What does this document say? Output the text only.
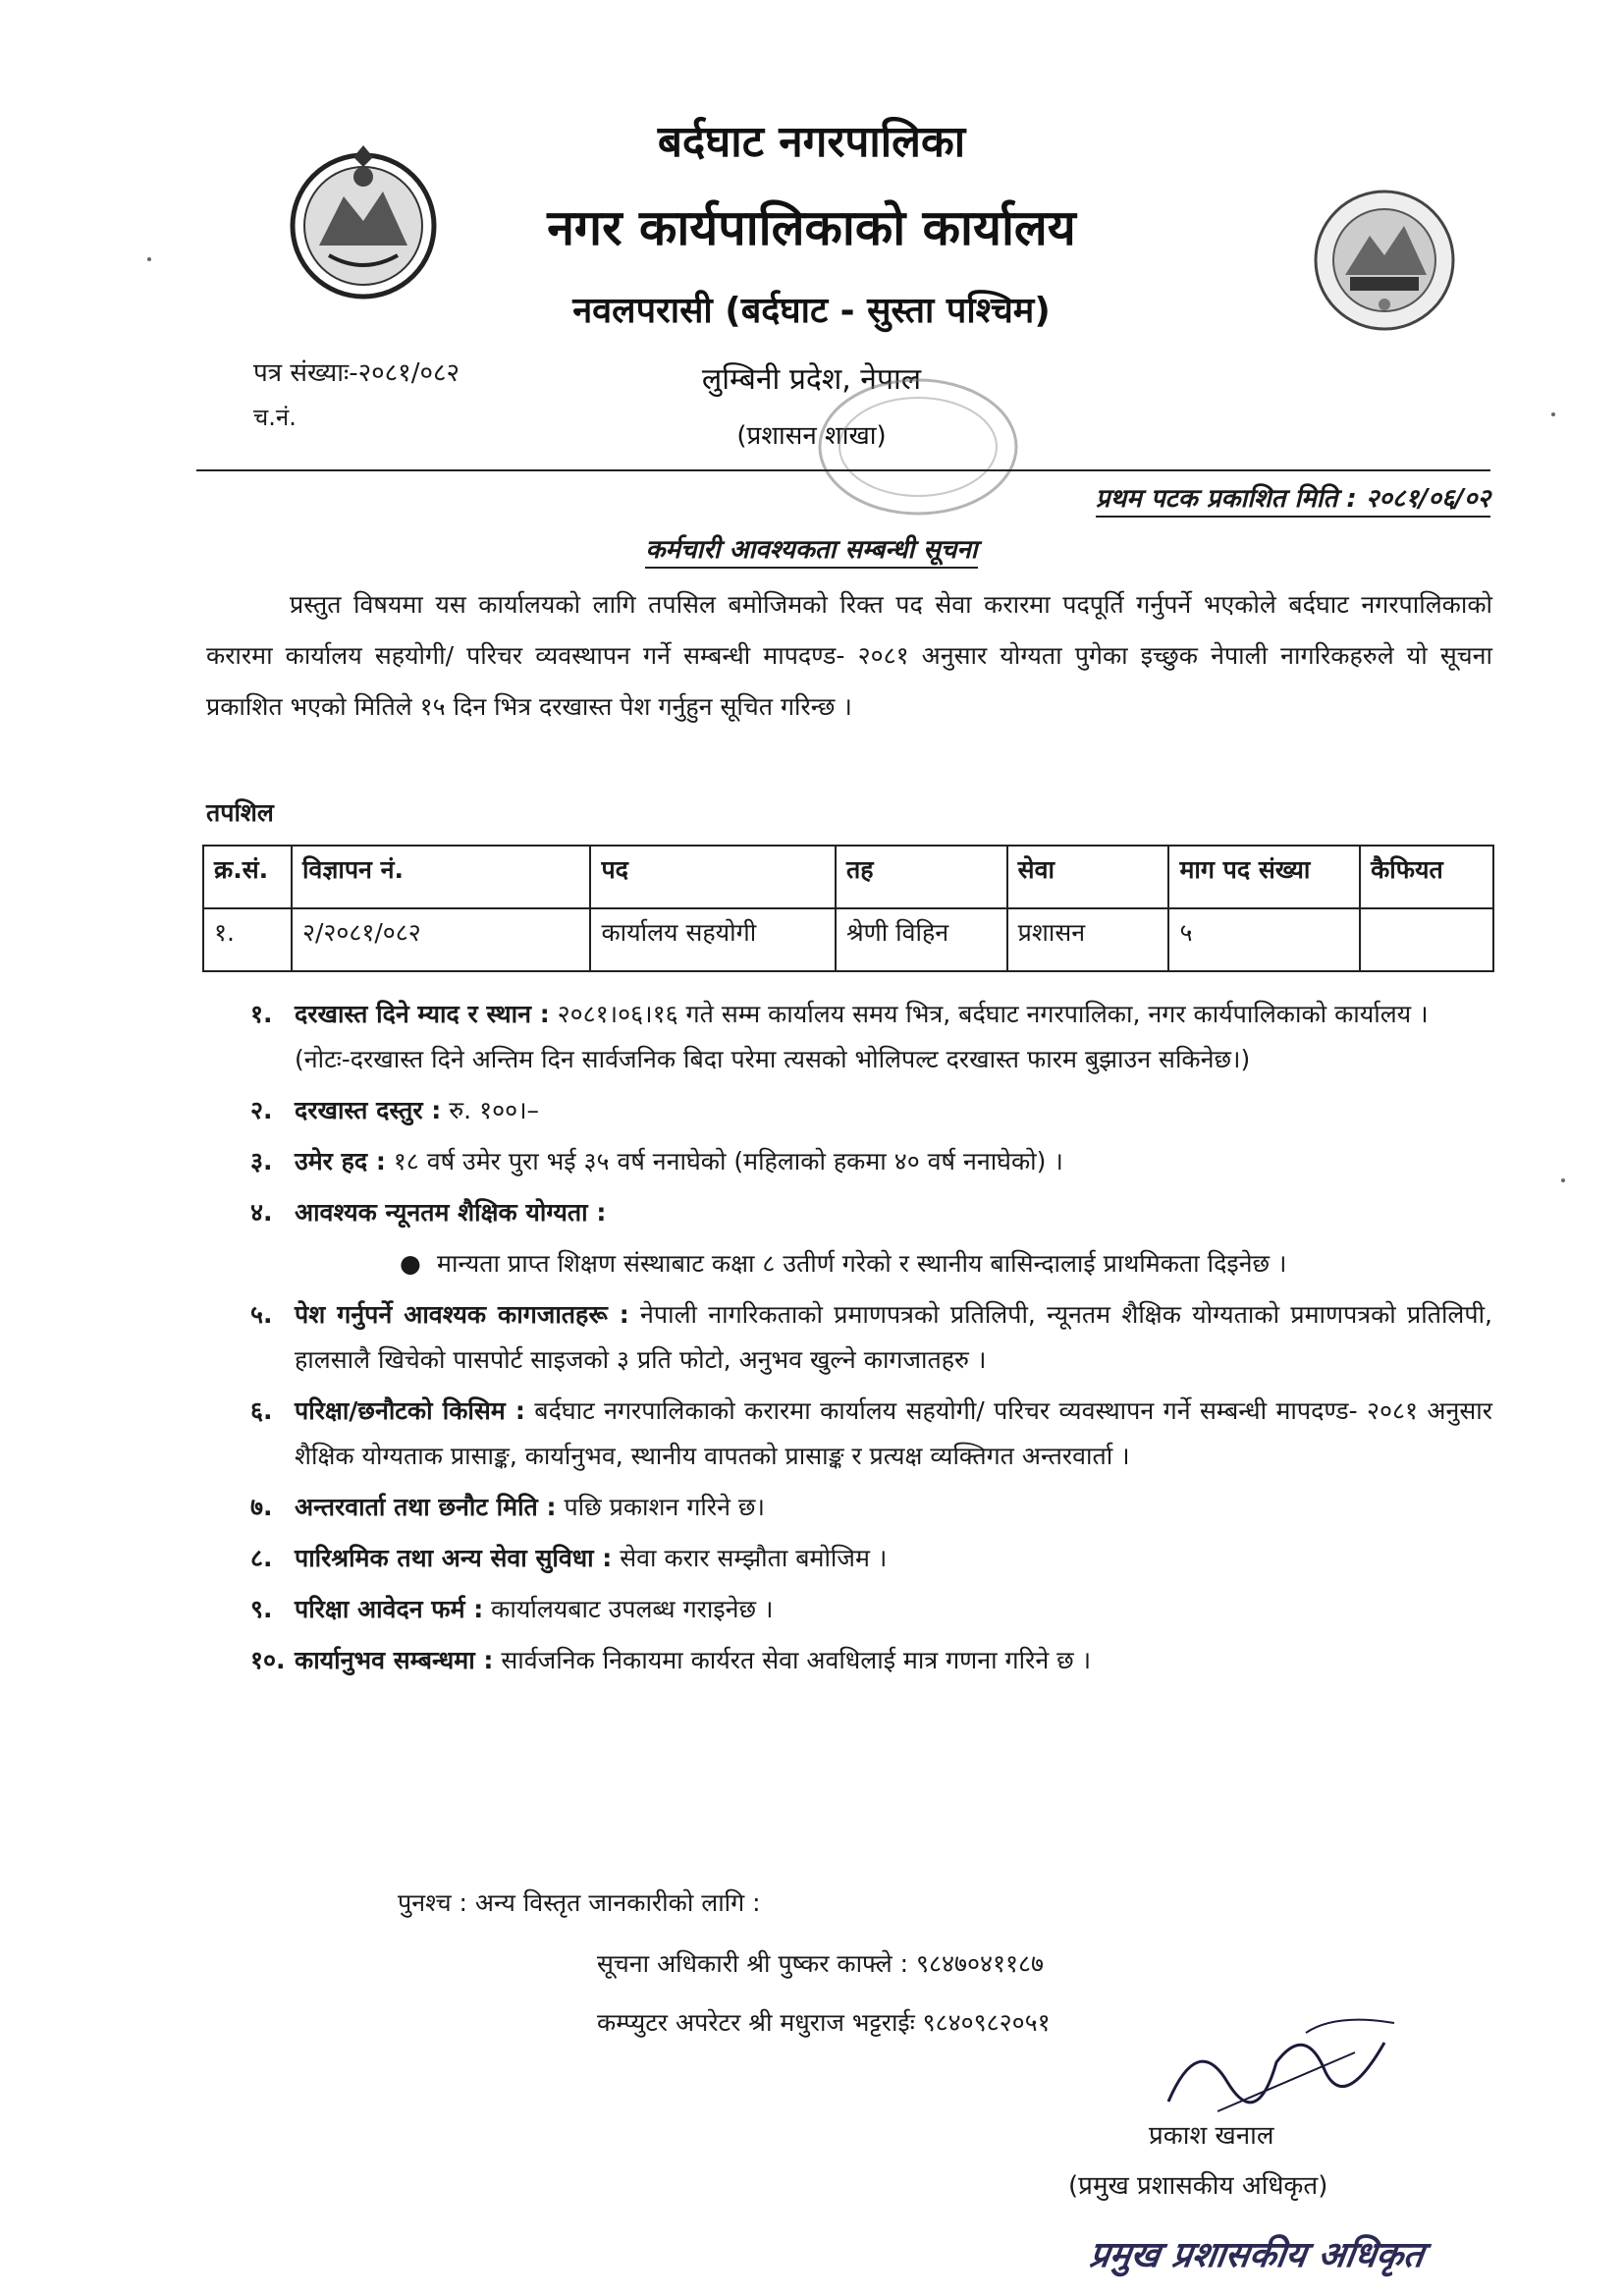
बर्दघाट नगरपालिका
नगर कार्यपालिकाको कार्यालय
नवलपरासी (बर्दघाट - सुस्ता पश्चिम)
लुम्बिनी प्रदेश, नेपाल
(प्रशासन शाखा)
पत्र संख्याः-२०८१/०८२
च.नं.
प्रथम पटक प्रकाशित मिति : २०८१/०६/०२
कर्मचारी आवश्यकता सम्बन्धी सूचना
प्रस्तुत विषयमा यस कार्यालयको लागि तपसिल बमोजिमको रिक्त पद सेवा करारमा पदपूर्ति गर्नुपर्ने भएकोले बर्दघाट नगरपालिकाको करारमा कार्यालय सहयोगी/ परिचर व्यवस्थापन गर्ने सम्बन्धी मापदण्ड- २०८१ अनुसार योग्यता पुगेका इच्छुक नेपाली नागरिकहरुले यो सूचना प्रकाशित भएको मितिले १५ दिन भित्र दरखास्त पेश गर्नुहुन सूचित गरिन्छ ।
तपशिल
क्र.सं.	विज्ञापन नं.	पद	तह	सेवा	माग पद संख्या	कैफियत
१.	२/२०८१/०८२	कार्यालय सहयोगी	श्रेणी विहिन	प्रशासन	५	
१. दरखास्त दिने म्याद र स्थान : २०८१।०६।१६ गते सम्म कार्यालय समय भित्र, बर्दघाट नगरपालिका, नगर कार्यपालिकाको कार्यालय ।
(नोटः-दरखास्त दिने अन्तिम दिन सार्वजनिक बिदा परेमा त्यसको भोलिपल्ट दरखास्त फारम बुझाउन सकिनेछ।)
२. दरखास्त दस्तुर : रु. १००।–
३. उमेर हद : १८ वर्ष उमेर पुरा भई ३५ वर्ष ननाघेको (महिलाको हकमा ४० वर्ष ननाघेको) ।
४. आवश्यक न्यूनतम शैक्षिक योग्यता :
● मान्यता प्राप्त शिक्षण संस्थाबाट कक्षा ८ उतीर्ण गरेको र स्थानीय बासिन्दालाई प्राथमिकता दिइनेछ ।
५. पेश गर्नुपर्ने आवश्यक कागजातहरू : नेपाली नागरिकताको प्रमाणपत्रको प्रतिलिपी, न्यूनतम शैक्षिक योग्यताको प्रमाणपत्रको प्रतिलिपी, हालसालै खिचेको पासपोर्ट साइजको ३ प्रति फोटो, अनुभव खुल्ने कागजातहरु ।
६. परिक्षा/छनौटको किसिम : बर्दघाट नगरपालिकाको करारमा कार्यालय सहयोगी/ परिचर व्यवस्थापन गर्ने सम्बन्धी मापदण्ड- २०८१ अनुसार शैक्षिक योग्यताक प्रासाङ्क, कार्यानुभव, स्थानीय वापतको प्रासाङ्क र प्रत्यक्ष व्यक्तिगत अन्तरवार्ता ।
७. अन्तरवार्ता तथा छनौट मिति : पछि प्रकाशन गरिने छ।
८. पारिश्रमिक तथा अन्य सेवा सुविधा : सेवा करार सम्झौता बमोजिम ।
९. परिक्षा आवेदन फर्म : कार्यालयबाट उपलब्ध गराइनेछ ।
१०. कार्यानुभव सम्बन्धमा : सार्वजनिक निकायमा कार्यरत सेवा अवधिलाई मात्र गणना गरिने छ ।
पुनश्च : अन्य विस्तृत जानकारीको लागि :
सूचना अधिकारी श्री पुष्कर काफ्ले : ९८४७०४११८७
कम्प्युटर अपरेटर श्री मधुराज भट्टराईः ९८४०९८२०५१
प्रकाश खनाल
(प्रमुख प्रशासकीय अधिकृत)
प्रमुख प्रशासकीय अधिकृत
